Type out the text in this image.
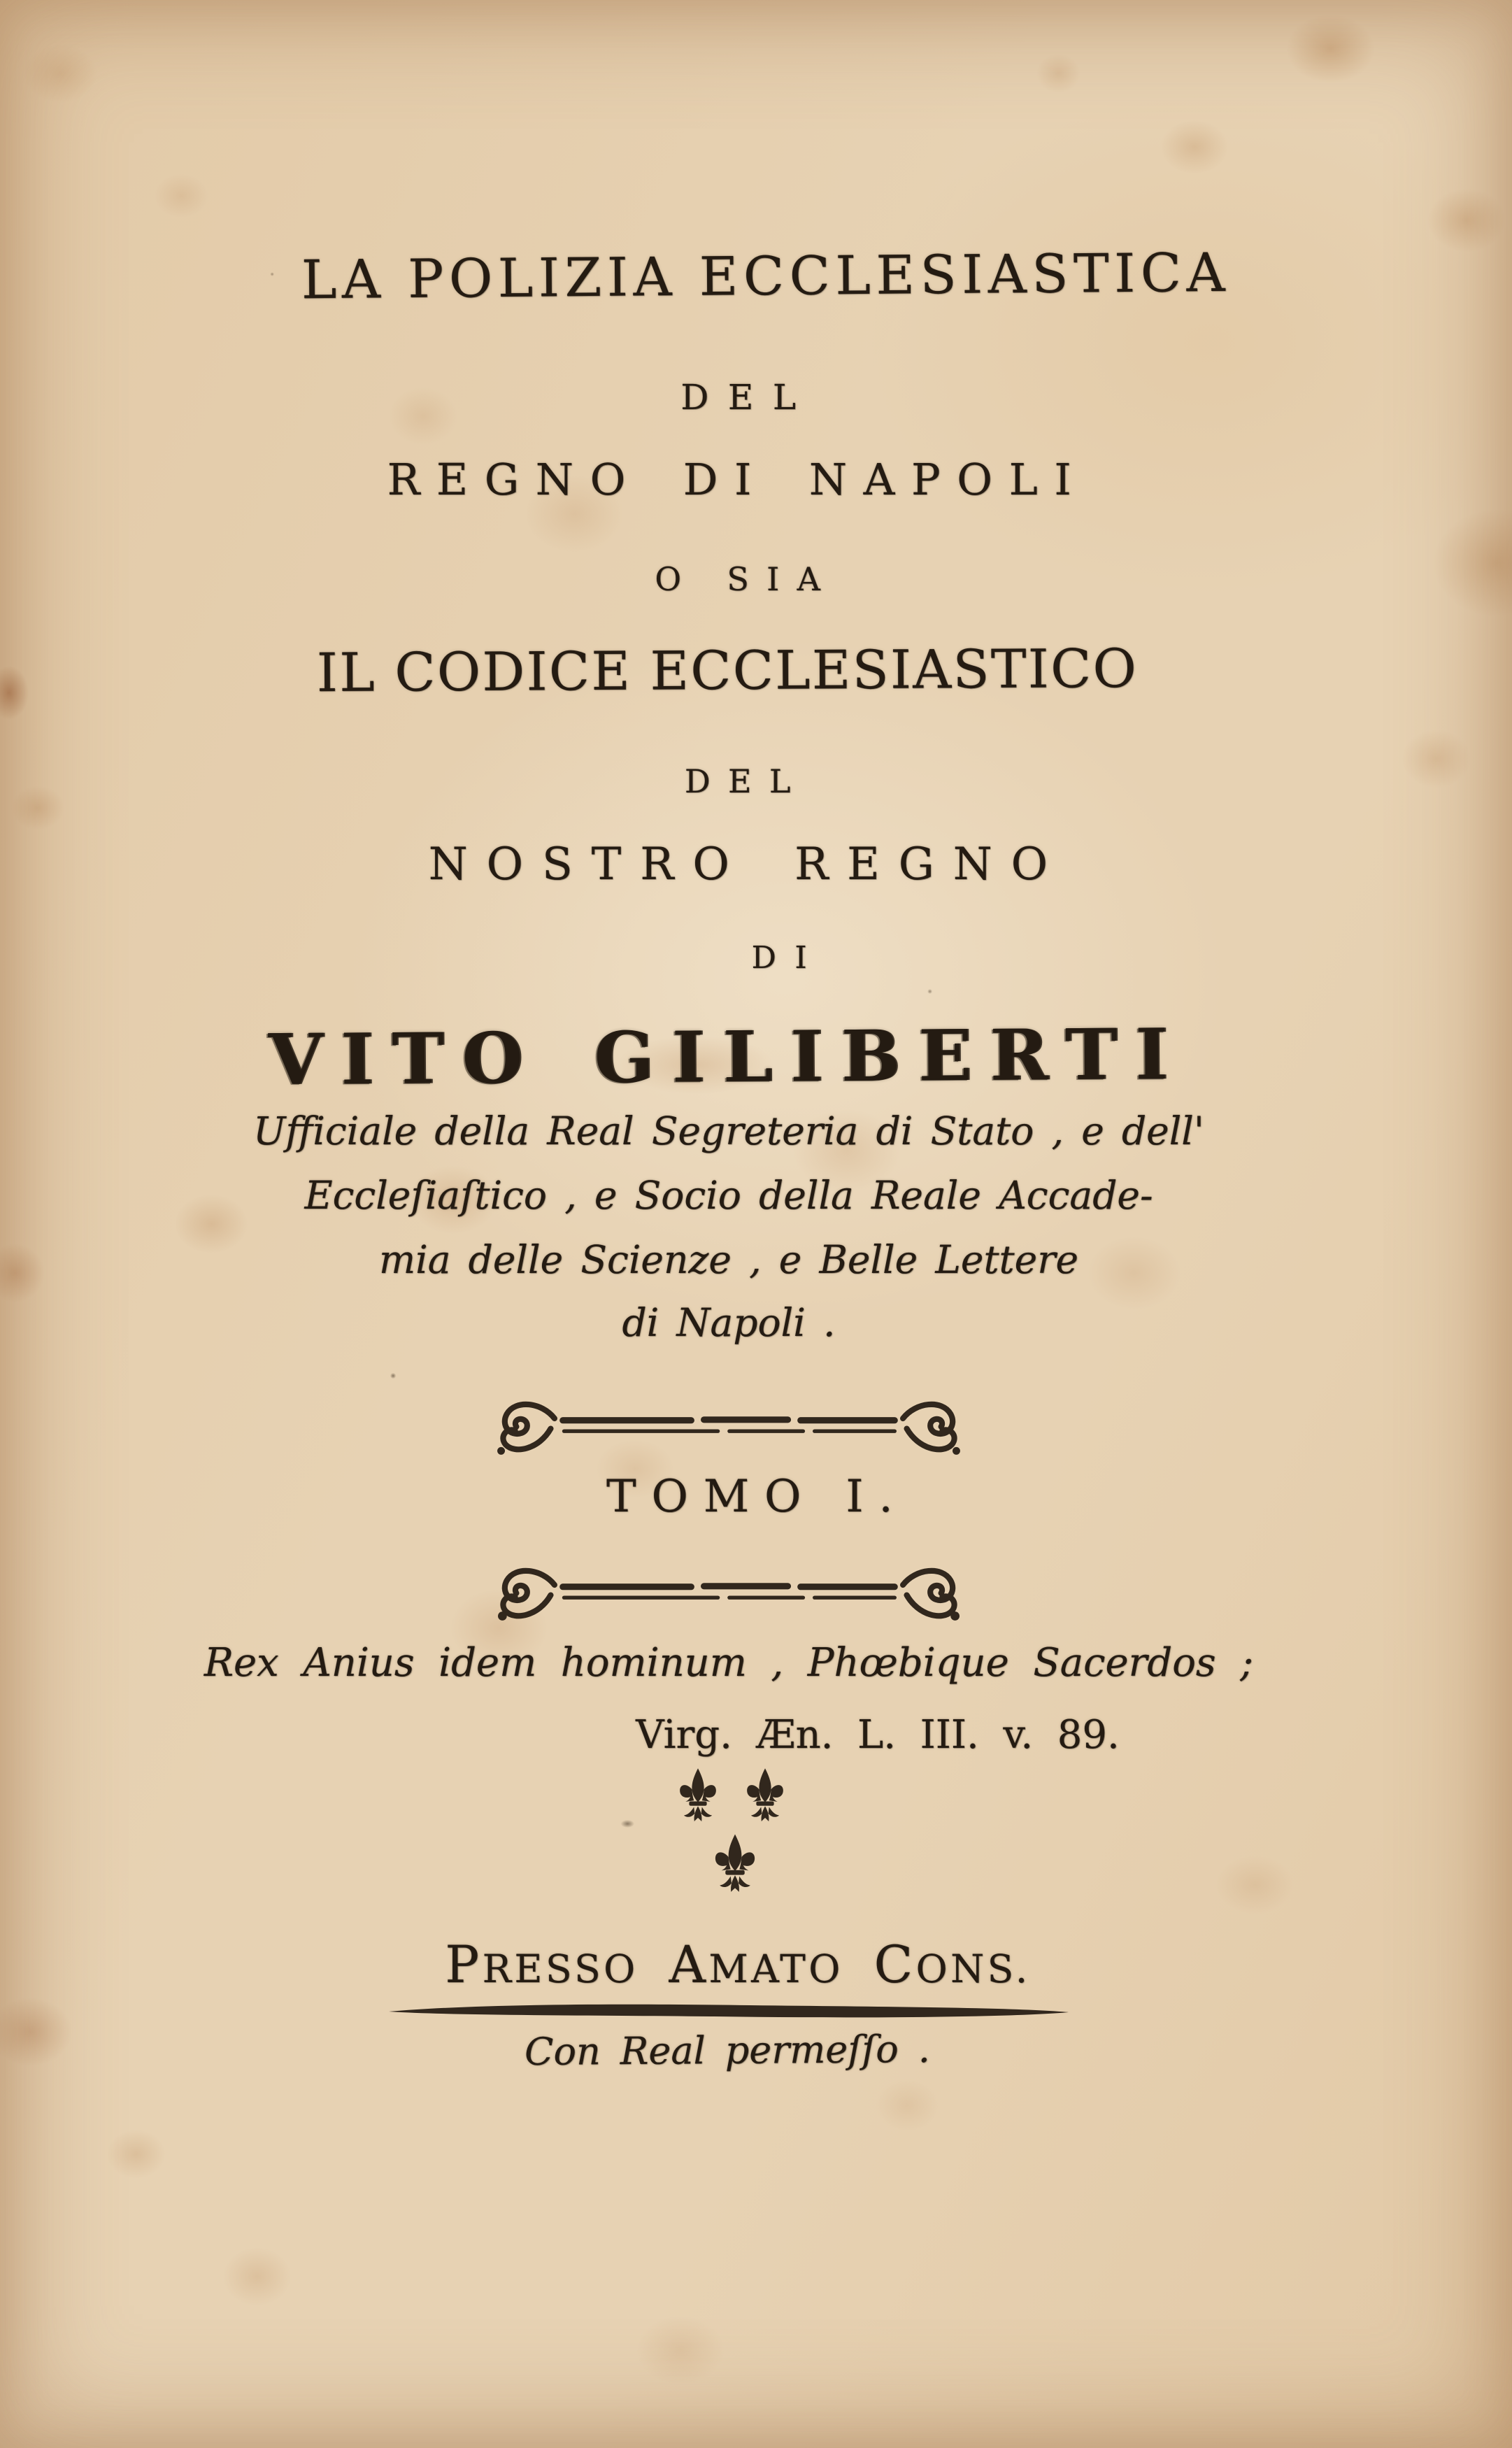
LA POLIZIA ECCLESIASTICA
DEL
REGNO DI NAPOLI
O SIA
IL CODICE ECCLESIASTICO
DEL
NOSTRO REGNO
DI
VITO GILIBERTI
Ufficiale della Real Segreteria di Stato , e dell'
Eccleſiaſtico , e Socio della Reale Accade-
mia delle Scienze , e Belle Lettere
di Napoli .
TOMO I.
Rex Anius idem hominum , Phœbique Sacerdos ;
Virg. Æn. L. III. v. 89.

PRESSO AMATO CONS.
Con Real permeſſo .
